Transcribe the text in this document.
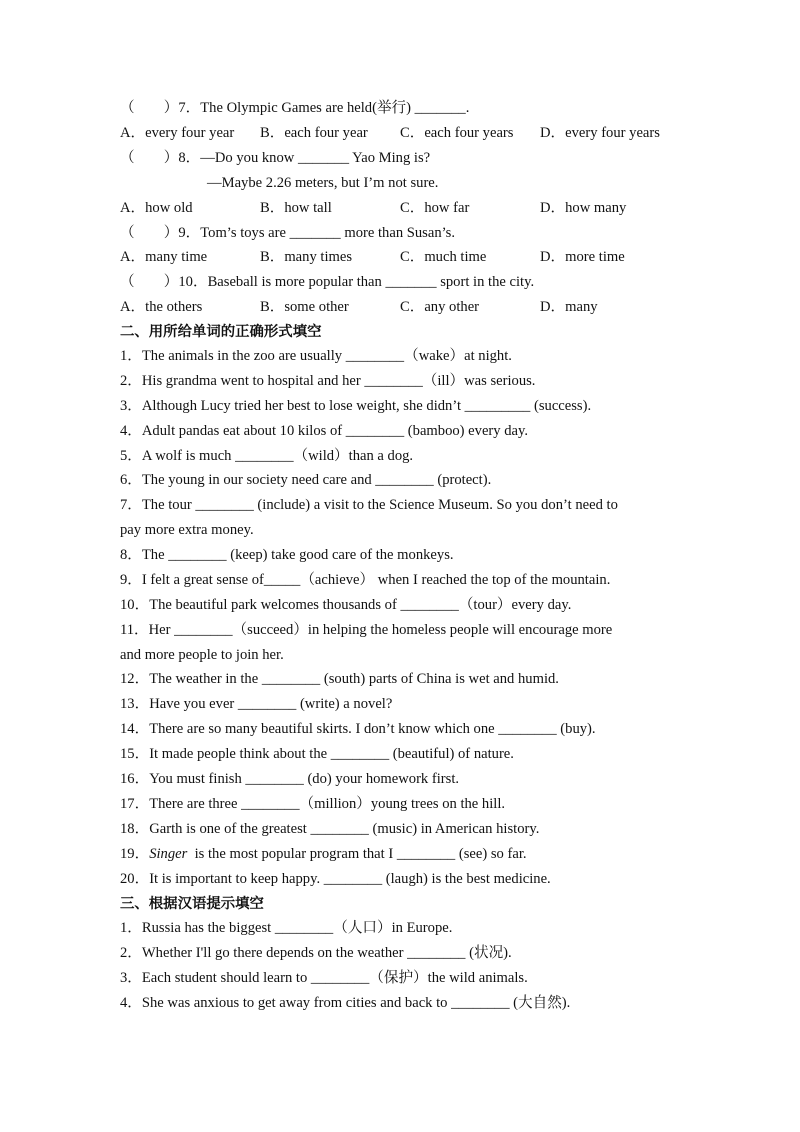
（　　）7．The Olympic Games are held(举行) _______.
A．every four year B．each four year C．each four years D．every four years
（　　）8．—Do you know _______ Yao Ming is?
—Maybe 2.26 meters, but I’m not sure.
A．how old	B．how tall	C．how far	D．how many
（　　）9．Tom’s toys are _______ more than Susan’s.
A．many time	B．many times	C．much time	D．more time
（　　）10．Baseball is more popular than _______ sport in the city.
A．the others	B．some other	C．any other	D．many
二、用所给单词的正确形式填空
1．The animals in the zoo are usually ________（wake）at night.
2．His grandma went to hospital and her ________（ill）was serious.
3．Although Lucy tried her best to lose weight, she didn’t _________ (success).
4．Adult pandas eat about 10 kilos of ________ (bamboo) every day.
5．A wolf is much ________（wild）than a dog.
6．The young in our society need care and ________ (protect).
7．The tour ________ (include) a visit to the Science Museum. So you don’t need to
pay more extra money.
8．The ________ (keep) take good care of the monkeys.
9．I felt a great sense of_____（achieve） when I reached the top of the mountain.
10．The beautiful park welcomes thousands of ________（tour）every day.
11．Her ________（succeed）in helping the homeless people will encourage more
and more people to join her.
12．The weather in the ________ (south) parts of China is wet and humid.
13．Have you ever ________ (write) a novel?
14．There are so many beautiful skirts. I don’t know which one ________ (buy).
15．It made people think about the ________ (beautiful) of nature.
16．You must finish ________ (do) your homework first.
17．There are three ________（million）young trees on the hill.
18．Garth is one of the greatest ________ (music) in American history.
19．Singer  is the most popular program that I ________ (see) so far.
20．It is important to keep happy. ________ (laugh) is the best medicine.
三、根据汉语提示填空
1．Russia has the biggest ________（人口）in Europe.
2．Whether I'll go there depends on the weather ________ (状况).
3．Each student should learn to ________（保护）the wild animals.
4．She was anxious to get away from cities and back to ________ (大自然).
